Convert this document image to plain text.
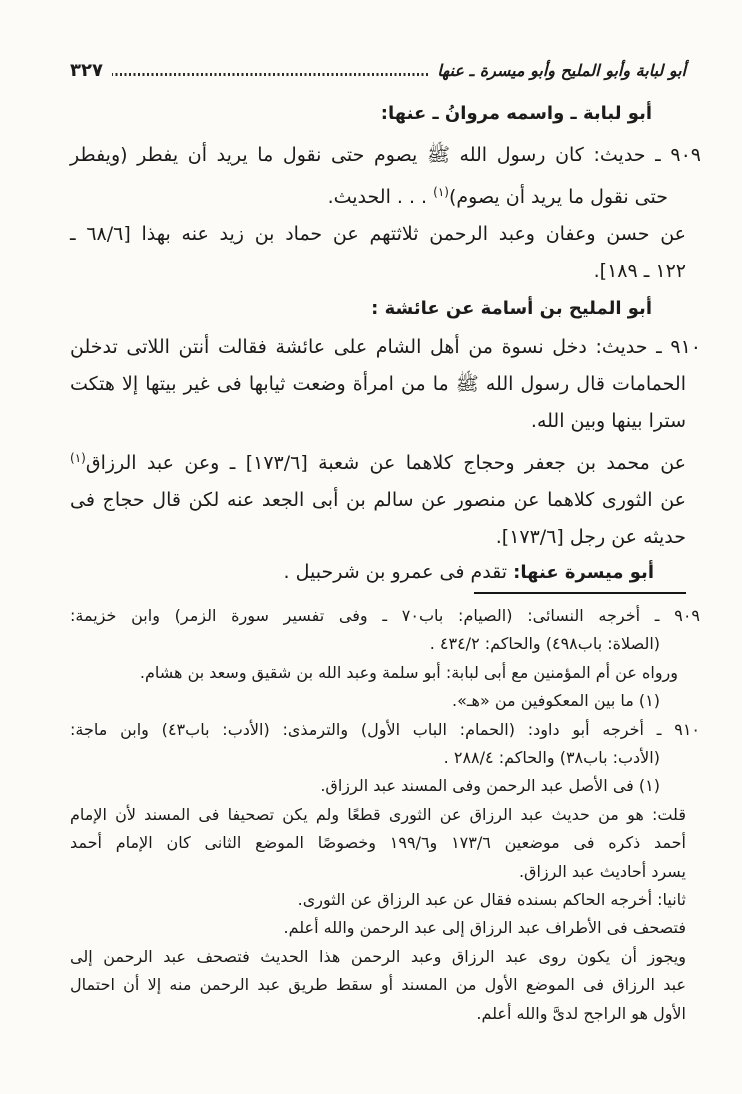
أبو لبابة وأبو المليح وأبو ميسرة ـ عنها
٣٢٧
أبو لبابة ـ واسمه مروانُ ـ عنها:
٩٠٩ ـ حديث: كان رسول الله ﷺ يصوم حتى نقول ما يريد أن يفطر (ويفطر
حتى نقول ما يريد أن يصوم)$^{(١)}$ . . . الحديث.
عن حسن وعفان وعبد الرحمن ثلاثتهم عن حماد بن زيد عنه بهذا [٦٨/٦ ـ
١٢٢ ـ ١٨٩].
أبو المليح بن أسامة عن عائشة :
٩١٠ ـ حديث: دخل نسوة من أهل الشام على عائشة فقالت أنتن اللاتى تدخلن
الحمامات قال رسول الله ﷺ ما من امرأة وضعت ثيابها فى غير بيتها إلا هتكت
سترا بينها وبين الله.
عن محمد بن جعفر وحجاج كلاهما عن شعبة [١٧٣/٦] ـ وعن عبد الرزاق$^{(١)}$
عن الثورى كلاهما عن منصور عن سالم بن أبى الجعد عنه لكن قال حجاج فى
حديثه عن رجل [١٧٣/٦].
أبو ميسرة عنها: تقدم فى عمرو بن شرحبيل .
٩٠٩ ـ أخرجه النسائى: (الصيام: باب٧٠ ـ وفى تفسير سورة الزمر) وابن خزيمة:
(الصلاة: باب٤٩٨) والحاكم: ٤٣٤/٢ .
ورواه عن أم المؤمنين مع أبى لبابة: أبو سلمة وعبد الله بن شقيق وسعد بن هشام.
(١) ما بين المعكوفين من «هـ».
٩١٠ ـ أخرجه أبو داود: (الحمام: الباب الأول) والترمذى: (الأدب: باب٤٣) وابن ماجة:
(الأدب: باب٣٨) والحاكم: ٢٨٨/٤ .
(١) فى الأصل عبد الرحمن وفى المسند عبد الرزاق.
قلت: هو من حديث عبد الرزاق عن الثورى قطعًا ولم يكن تصحيفا فى المسند لأن الإمام
أحمد ذكره فى موضعين ١٧٣/٦ و١٩٩/٦ وخصوصًا الموضع الثانى كان الإمام أحمد
يسرد أحاديث عبد الرزاق.
ثانيا: أخرجه الحاكم بسنده فقال عن عبد الرزاق عن الثورى.
فتصحف فى الأطراف عبد الرزاق إلى عبد الرحمن والله أعلم.
ويجوز أن يكون روى عبد الرزاق وعبد الرحمن هذا الحديث فتصحف عبد الرحمن إلى
عبد الرزاق فى الموضع الأول من المسند أو سقط طريق عبد الرحمن منه إلا أن احتمال
الأول هو الراجح لدىَّ والله أعلم.
